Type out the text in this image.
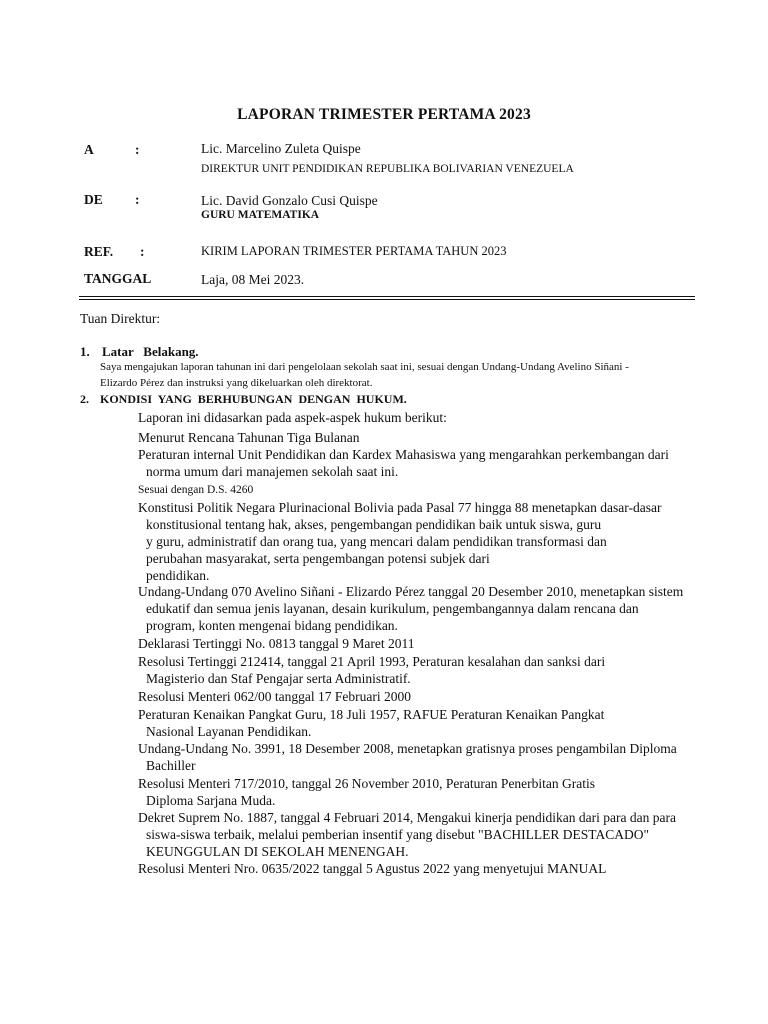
LAPORAN TRIMESTER PERTAMA 2023
A	:	Lic. Marcelino Zuleta Quispe
DIREKTUR UNIT PENDIDIKAN REPUBLIKA BOLIVARIAN VENEZUELA
DE :	Lic. David Gonzalo Cusi Quispe
GURU MATEMATIKA
REF. :	KIRIM LAPORAN TRIMESTER PERTAMA TAHUN 2023
TANGGAL	Laja, 08 Mei 2023.
Tuan Direktur:
1. Latar   Belakang.
Saya mengajukan laporan tahunan ini dari pengelolaan sekolah saat ini, sesuai dengan Undang-Undang Avelino Siñani -
Elizardo Pérez dan instruksi yang dikeluarkan oleh direktorat.
2. KONDISI  YANG  BERHUBUNGAN  DENGAN  HUKUM.
Laporan ini didasarkan pada aspek-aspek hukum berikut:
Menurut Rencana Tahunan Tiga Bulanan
Peraturan internal Unit Pendidikan dan Kardex Mahasiswa yang mengarahkan perkembangan dari
norma umum dari manajemen sekolah saat ini.
Sesuai dengan D.S. 4260
Konstitusi Politik Negara Plurinacional Bolivia pada Pasal 77 hingga 88 menetapkan dasar-dasar
konstitusional tentang hak, akses, pengembangan pendidikan baik untuk siswa, guru
y guru, administratif dan orang tua, yang mencari dalam pendidikan transformasi dan
perubahan masyarakat, serta pengembangan potensi subjek dari
pendidikan.
Undang-Undang 070 Avelino Siñani - Elizardo Pérez tanggal 20 Desember 2010, menetapkan sistem
edukatif dan semua jenis layanan, desain kurikulum, pengembangannya dalam rencana dan
program, konten mengenai bidang pendidikan.
Deklarasi Tertinggi No. 0813 tanggal 9 Maret 2011
Resolusi Tertinggi 212414, tanggal 21 April 1993, Peraturan kesalahan dan sanksi dari
Magisterio dan Staf Pengajar serta Administratif.
Resolusi Menteri 062/00 tanggal 17 Februari 2000
Peraturan Kenaikan Pangkat Guru, 18 Juli 1957, RAFUE Peraturan Kenaikan Pangkat
Nasional Layanan Pendidikan.
Undang-Undang No. 3991, 18 Desember 2008, menetapkan gratisnya proses pengambilan Diploma
Bachiller
Resolusi Menteri 717/2010, tanggal 26 November 2010, Peraturan Penerbitan Gratis
Diploma Sarjana Muda.
Dekret Suprem No. 1887, tanggal 4 Februari 2014, Mengakui kinerja pendidikan dari para dan para
siswa-siswa terbaik, melalui pemberian insentif yang disebut "BACHILLER DESTACADO"
KEUNGGULAN DI SEKOLAH MENENGAH.
Resolusi Menteri Nro. 0635/2022 tanggal 5 Agustus 2022 yang menyetujui MANUAL
